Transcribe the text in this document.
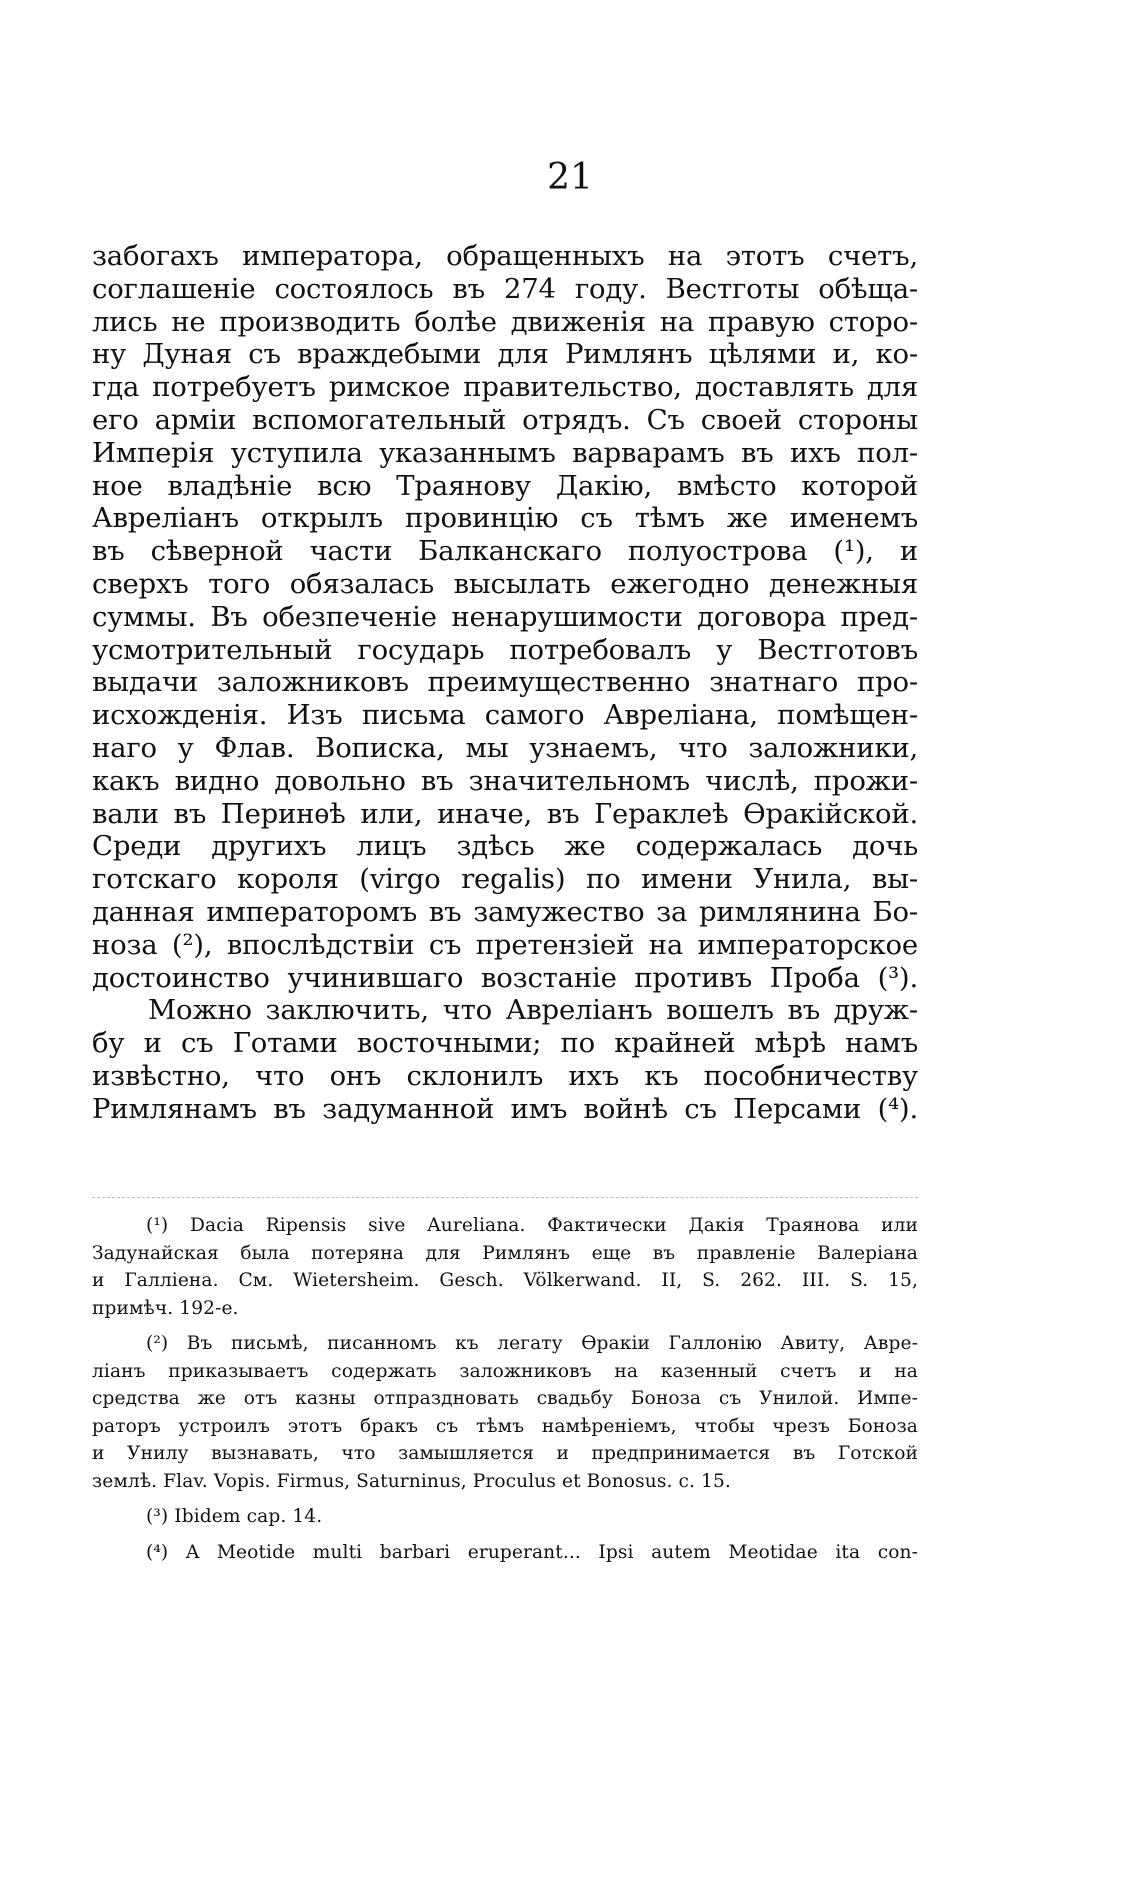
21

забогахъ императора, обращенныхъ на этотъ счетъ,
соглашеніе состоялось въ 274 году. Вестготы обѣща-
лись не производить болѣе движенія на правую сторо-
ну Дуная съ враждебыми для Римлянъ цѣлями и, ко-
гда потребуетъ римское правительство, доставлять для
его арміи вспомогательный отрядъ. Съ своей стороны
Имперія уступила указаннымъ варварамъ въ ихъ пол-
ное владѣніе всю Траянову Дакію, вмѣсто которой
Авреліанъ открылъ провинцію съ тѣмъ же именемъ
въ сѣверной части Балканскаго полуострова (¹), и
сверхъ того обязалась высылать ежегодно денежныя
суммы. Въ обезпеченіе ненарушимости договора пред-
усмотрительный государь потребовалъ у Вестготовъ
выдачи заложниковъ преимущественно знатнаго про-
исхожденія. Изъ письма самого Авреліана, помѣщен-
наго у Флав. Вописка, мы узнаемъ, что заложники,
какъ видно довольно въ значительномъ числѣ, прожи-
вали въ Перинѳѣ или, иначе, въ Гераклеѣ Ѳракійской.
Среди другихъ лицъ здѣсь же содержалась дочь
готскаго короля (virgo regalis) по имени Унила, вы-
данная императоромъ въ замужество за римлянина Бо-
ноза (²), впослѣдствіи съ претензіей на императорское
достоинство учинившаго возстаніе противъ Проба (³).

Можно заключить, что Авреліанъ вошелъ въ друж-
бу и съ Готами восточными; по крайней мѣрѣ намъ
извѣстно, что онъ склонилъ ихъ къ пособничеству
Римлянамъ въ задуманной имъ войнѣ съ Персами (⁴).

(¹) Dacia Ripensis sive Aureliana. Фактически Дакія Траянова или
Задунайская была потеряна для Римлянъ еще въ правленіе Валеріана
и Галліена. См. Wietersheim. Gesch. Völkerwand. II, S. 262. III. S. 15,
примѣч. 192-е.

(²) Въ письмѣ, писанномъ къ легату Ѳракіи Галлонію Авиту, Авре-
ліанъ приказываетъ содержать заложниковъ на казенный счетъ и на
средства же отъ казны отпраздновать свадьбу Боноза съ Унилой. Импе-
раторъ устроилъ этотъ бракъ съ тѣмъ намѣреніемъ, чтобы чрезъ Боноза
и Унилу вызнавать, что замышляется и предпринимается въ Готской
землѣ. Flav. Vopis. Firmus, Saturninus, Proculus et Bonosus. c. 15.

(³) Ibidem cap. 14.

(⁴) A Meotide multi barbari eruperant... Ipsi autem Meotidae ita con-
